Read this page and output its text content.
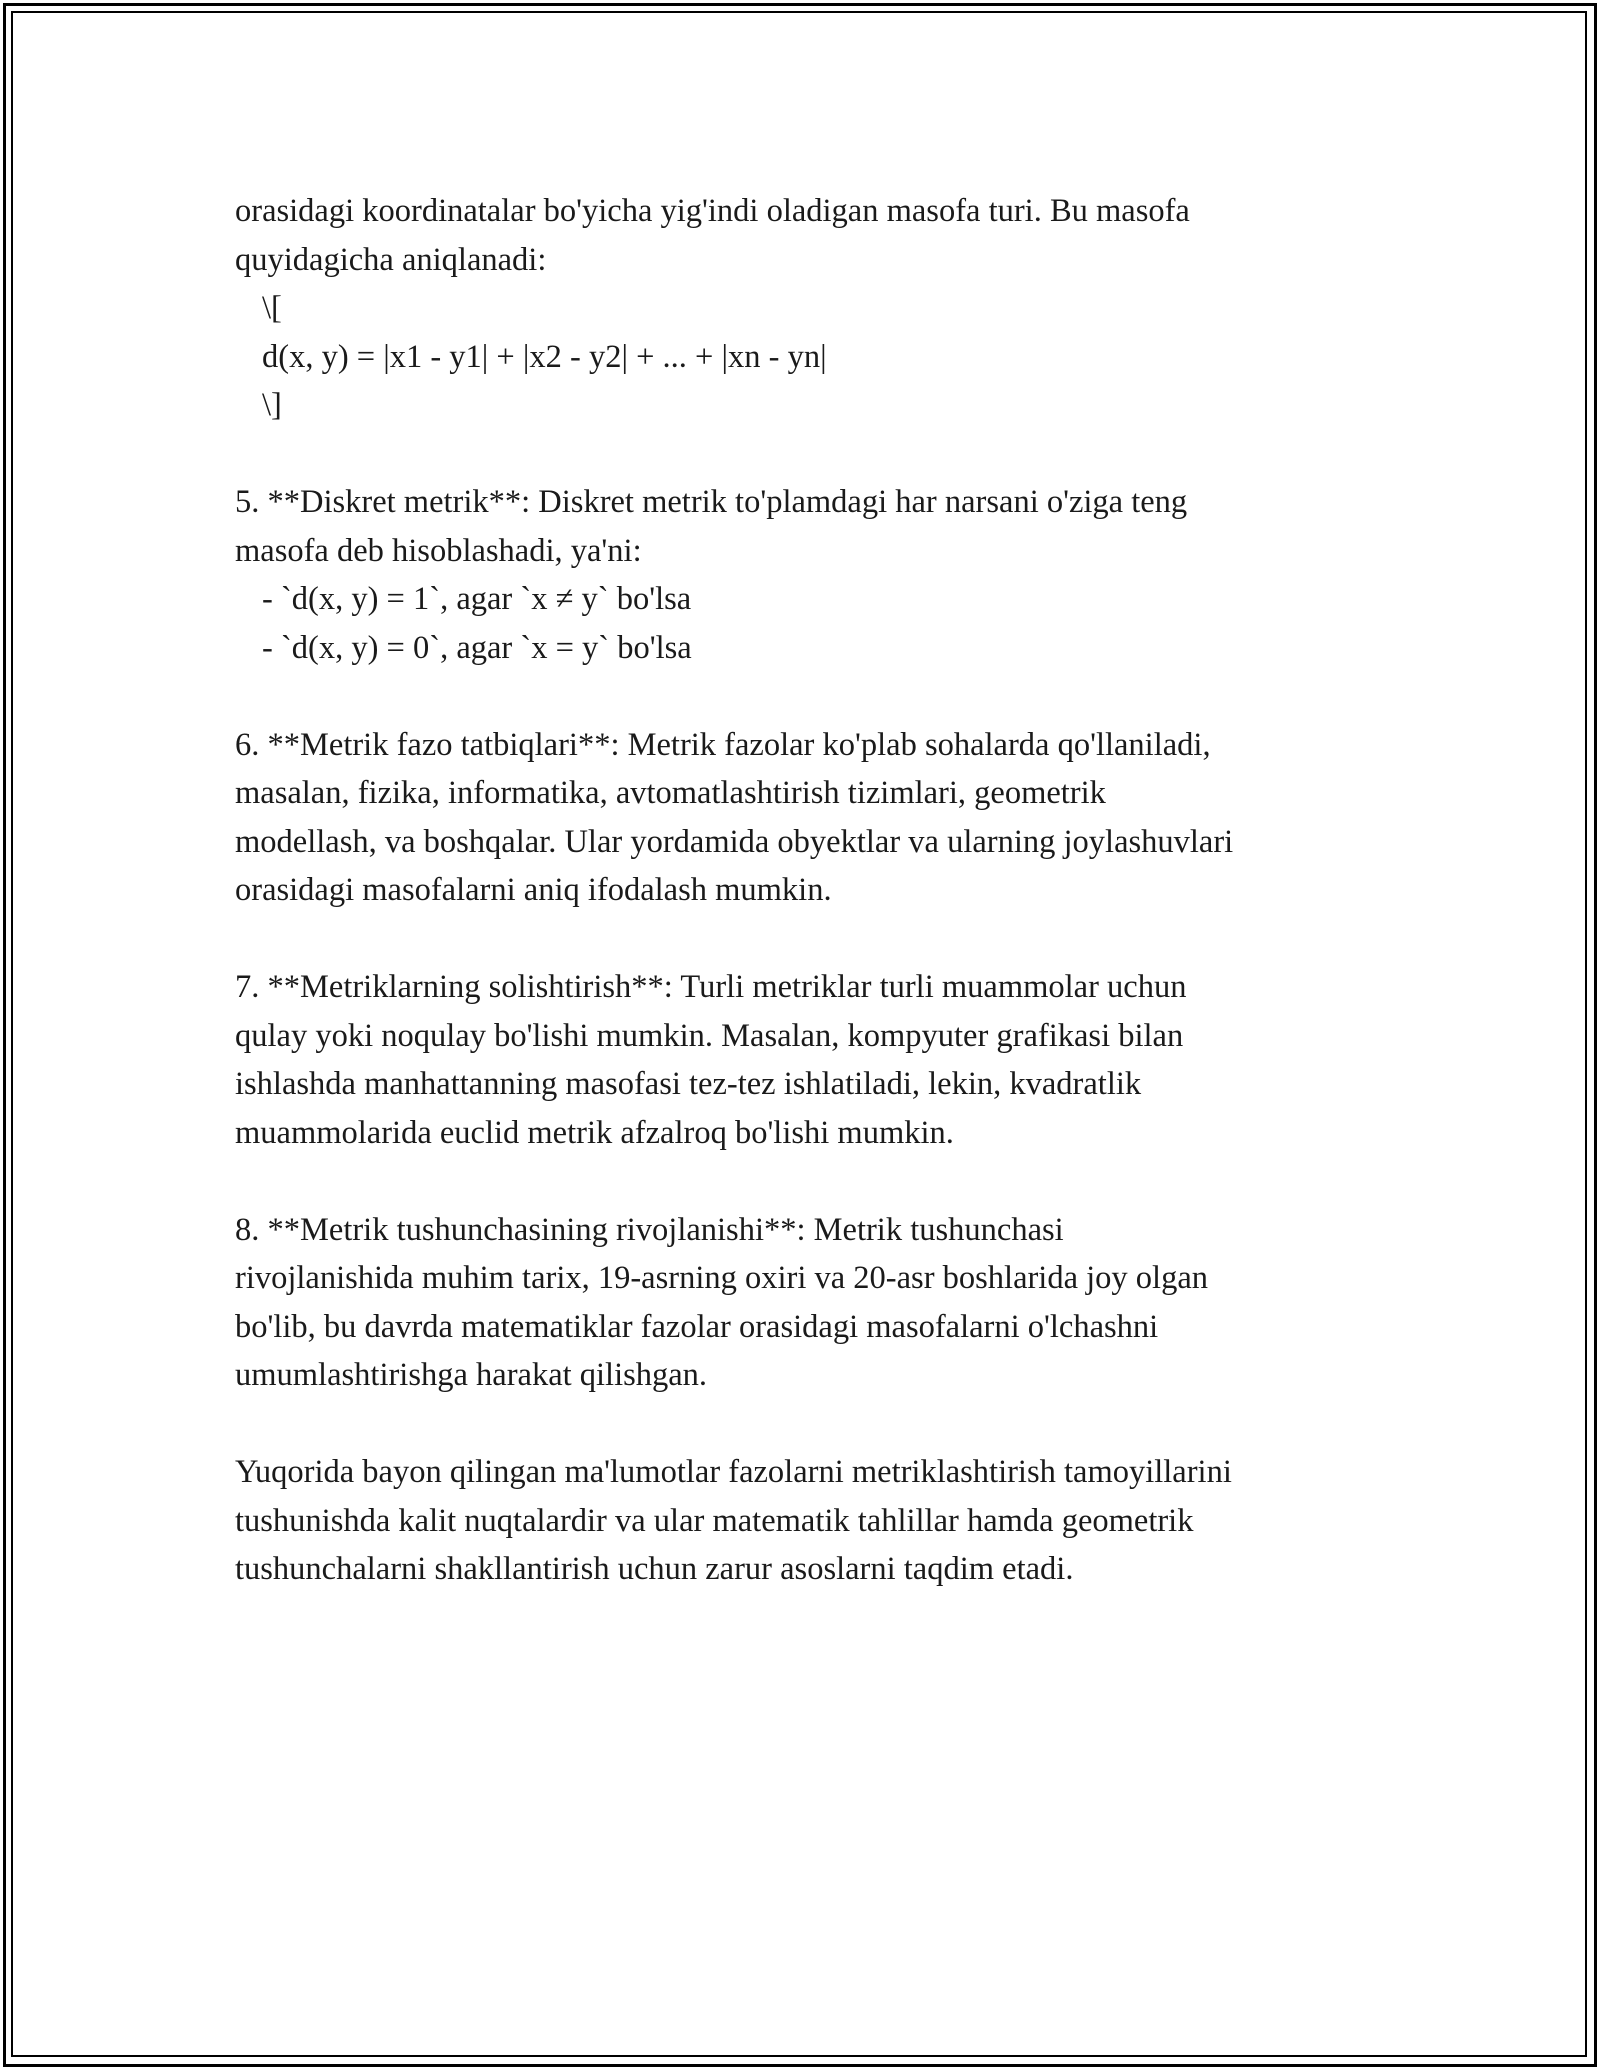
orasidagi koordinatalar bo'yicha yig'indi oladigan masofa turi. Bu masofa
quyidagicha aniqlanadi:
\[
d(x, y) = |x1 - y1| + |x2 - y2| + ... + |xn - yn|
\]
5. **Diskret metrik**: Diskret metrik to'plamdagi har narsani o'ziga teng
masofa deb hisoblashadi, ya'ni:
- `d(x, y) = 1`, agar `x ≠ y` bo'lsa
- `d(x, y) = 0`, agar `x = y` bo'lsa
6. **Metrik fazo tatbiqlari**: Metrik fazolar ko'plab sohalarda qo'llaniladi,
masalan, fizika, informatika, avtomatlashtirish tizimlari, geometrik
modellash, va boshqalar. Ular yordamida obyektlar va ularning joylashuvlari
orasidagi masofalarni aniq ifodalash mumkin.
7. **Metriklarning solishtirish**: Turli metriklar turli muammolar uchun
qulay yoki noqulay bo'lishi mumkin. Masalan, kompyuter grafikasi bilan
ishlashda manhattanning masofasi tez-tez ishlatiladi, lekin, kvadratlik
muammolarida euclid metrik afzalroq bo'lishi mumkin.
8. **Metrik tushunchasining rivojlanishi**: Metrik tushunchasi
rivojlanishida muhim tarix, 19-asrning oxiri va 20-asr boshlarida joy olgan
bo'lib, bu davrda matematiklar fazolar orasidagi masofalarni o'lchashni
umumlashtirishga harakat qilishgan.
Yuqorida bayon qilingan ma'lumotlar fazolarni metriklashtirish tamoyillarini
tushunishda kalit nuqtalardir va ular matematik tahlillar hamda geometrik
tushunchalarni shakllantirish uchun zarur asoslarni taqdim etadi.
